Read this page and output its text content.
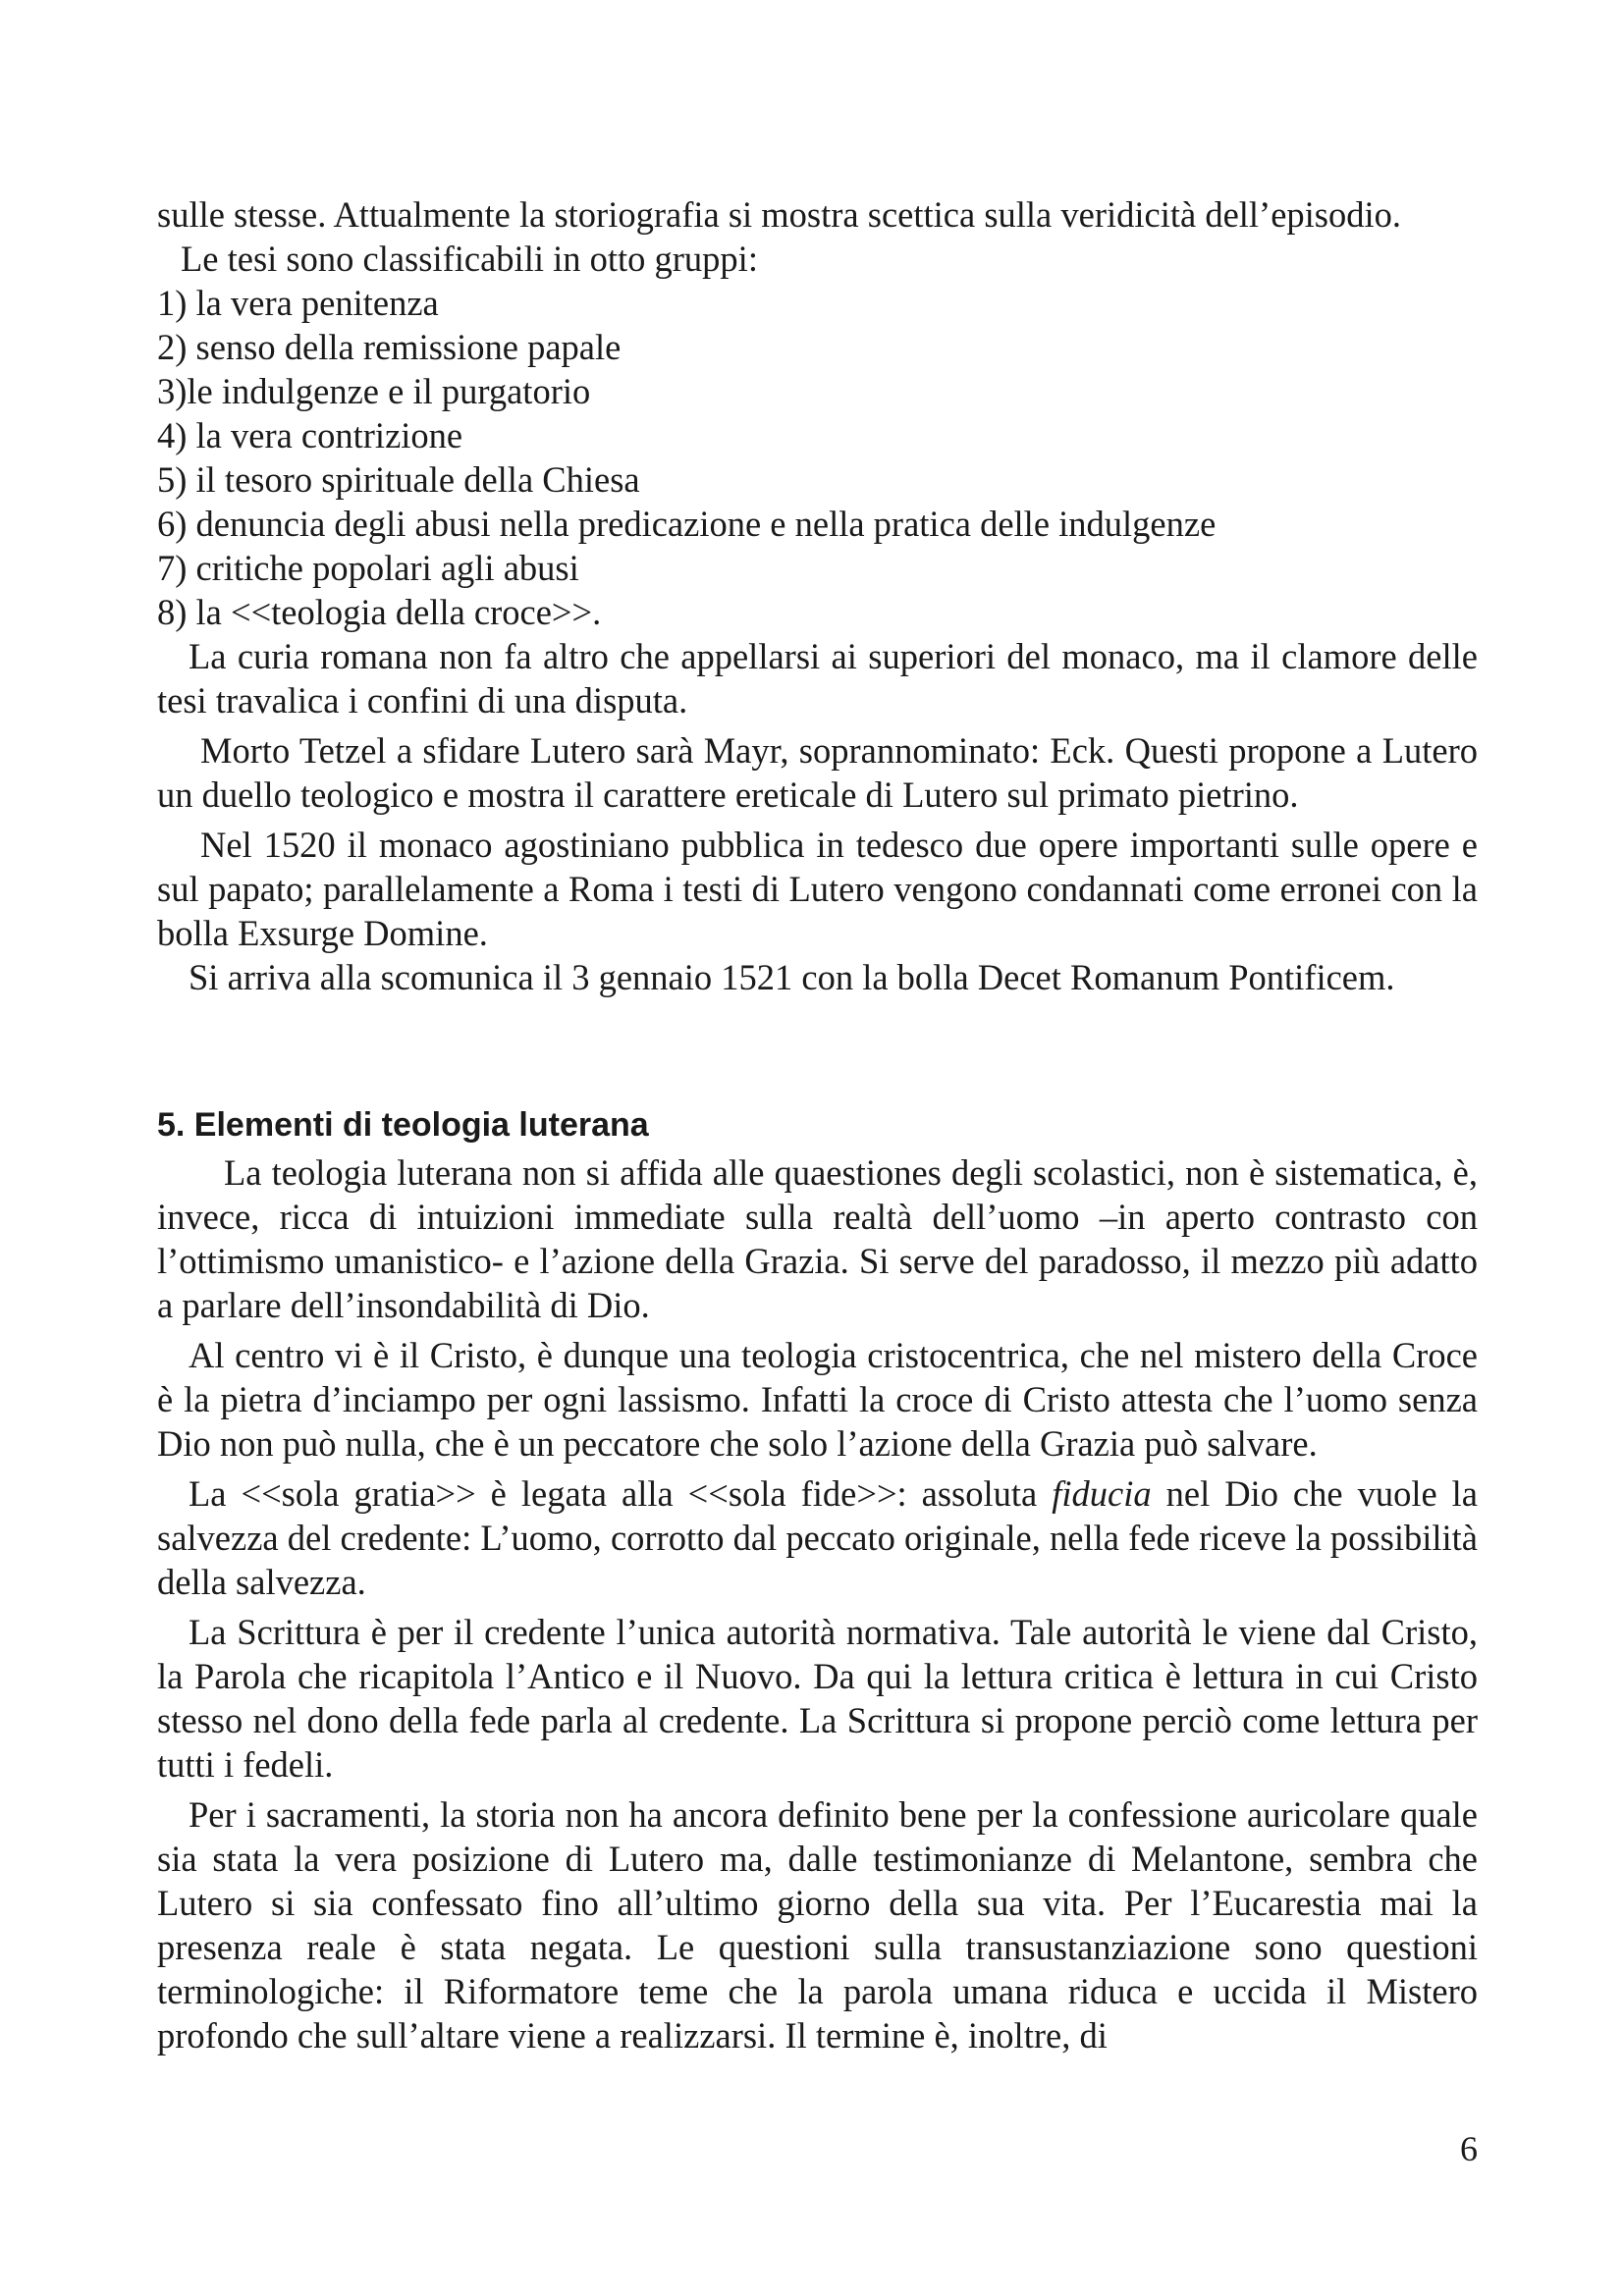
sulle stesse. Attualmente la storiografia si mostra scettica sulla veridicità dell’episodio.

Le tesi sono classificabili in otto gruppi:

1) la vera penitenza
2) senso della remissione papale
3)le indulgenze e il purgatorio
4) la vera contrizione
5) il tesoro spirituale della Chiesa
6) denuncia degli abusi nella predicazione e nella pratica delle indulgenze
7) critiche popolari agli abusi
8) la <<teologia della croce>>.

La curia romana non fa altro che appellarsi ai superiori del monaco, ma il clamore delle tesi travalica i confini di una disputa.

Morto Tetzel a sfidare Lutero sarà Mayr, soprannominato: Eck. Questi propone a Lutero un duello teologico e mostra il carattere ereticale di Lutero sul primato pietrino.

Nel 1520 il monaco agostiniano pubblica in tedesco due opere importanti sulle opere e sul papato; parallelamente a Roma i testi di Lutero vengono condannati come erronei con la bolla Exsurge Domine.

Si arriva alla scomunica il 3 gennaio 1521 con la bolla Decet Romanum Pontificem.

5. Elementi di teologia luterana

La teologia luterana non si affida alle quaestiones degli scolastici, non è sistematica, è, invece, ricca di intuizioni immediate sulla realtà dell’uomo –in aperto contrasto con l’ottimismo umanistico- e l’azione della Grazia. Si serve del paradosso, il mezzo più adatto a parlare dell’insondabilità di Dio.

Al centro vi è il Cristo, è dunque una teologia cristocentrica, che nel mistero della Croce è la pietra d’inciampo per ogni lassismo. Infatti la croce di Cristo attesta che l’uomo senza Dio non può nulla, che è un peccatore che solo l’azione della Grazia può salvare.

La <<sola gratia>> è legata alla <<sola fide>>: assoluta fiducia nel Dio che vuole la salvezza del credente: L’uomo, corrotto dal peccato originale, nella fede riceve la possibilità della salvezza.

La Scrittura è per il credente l’unica autorità normativa. Tale autorità le viene dal Cristo, la Parola che ricapitola l’Antico e il Nuovo. Da qui la lettura critica è lettura in cui Cristo stesso nel dono della fede parla al credente. La Scrittura si propone perciò come lettura per tutti i fedeli.

Per i sacramenti, la storia non ha ancora definito bene per la confessione auricolare quale sia stata la vera posizione di Lutero ma, dalle testimonianze di Melantone, sembra che Lutero si sia confessato fino all’ultimo giorno della sua vita. Per l’Eucarestia mai la presenza reale è stata negata. Le questioni sulla transustanziazione sono questioni terminologiche: il Riformatore teme che la parola umana riduca e uccida il Mistero profondo che sull’altare viene a realizzarsi. Il termine è, inoltre, di

6
